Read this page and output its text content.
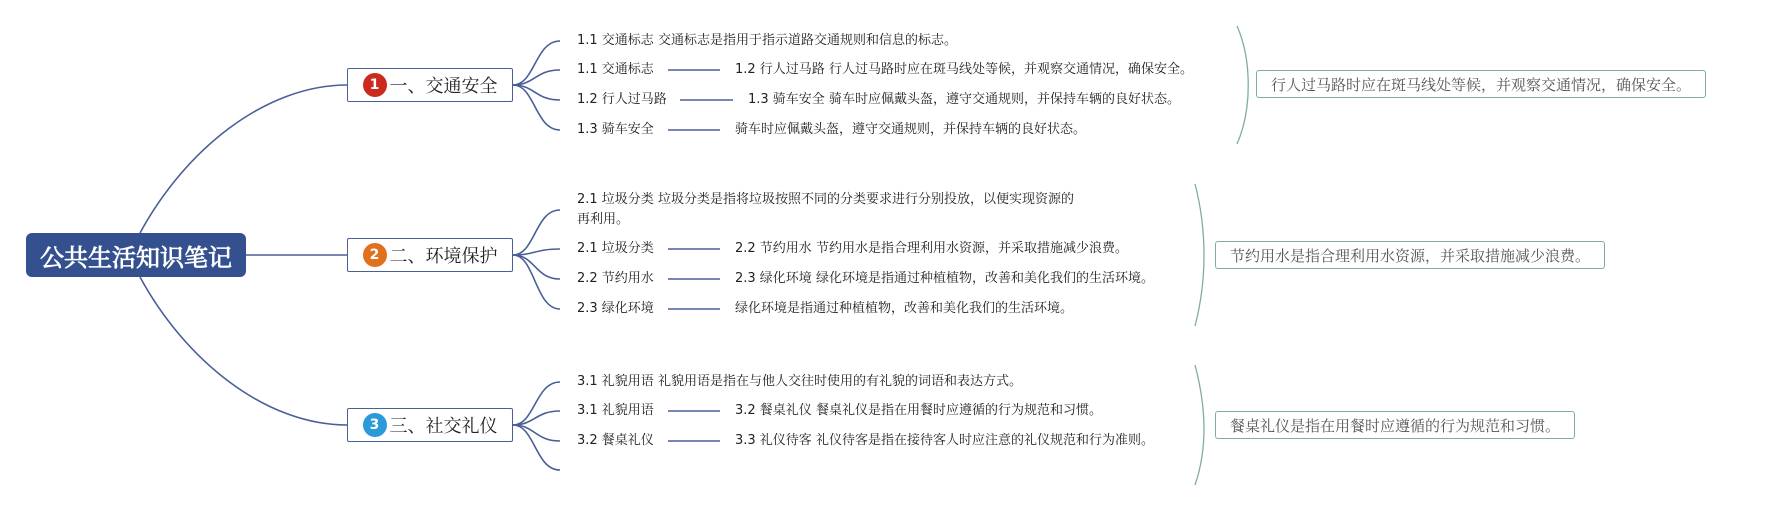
公共生活知识笔记
1 一、交通安全
1.1 交通标志 交通标志是指用于指示道路交通规则和信息的标志。
1.1 交通标志	1.2 行人过马路 行人过马路时应在斑马线处等候，并观察交通情况，确保安全。
1.2 行人过马路	1.3 骑车安全 骑车时应佩戴头盔，遵守交通规则，并保持车辆的良好状态。
1.3 骑车安全	骑车时应佩戴头盔，遵守交通规则，并保持车辆的良好状态。
行人过马路时应在斑马线处等候，并观察交通情况，确保安全。
2 二、环境保护
2.1 垃圾分类 垃圾分类是指将垃圾按照不同的分类要求进行分别投放，以便实现资源的再利用。
2.1 垃圾分类	2.2 节约用水 节约用水是指合理利用水资源，并采取措施减少浪费。
2.2 节约用水	2.3 绿化环境 绿化环境是指通过种植植物，改善和美化我们的生活环境。
2.3 绿化环境	绿化环境是指通过种植植物，改善和美化我们的生活环境。
节约用水是指合理利用水资源，并采取措施减少浪费。
3 三、社交礼仪
3.1 礼貌用语 礼貌用语是指在与他人交往时使用的有礼貌的词语和表达方式。
3.1 礼貌用语	3.2 餐桌礼仪 餐桌礼仪是指在用餐时应遵循的行为规范和习惯。
3.2 餐桌礼仪	3.3 礼仪待客 礼仪待客是指在接待客人时应注意的礼仪规范和行为准则。
餐桌礼仪是指在用餐时应遵循的行为规范和习惯。
